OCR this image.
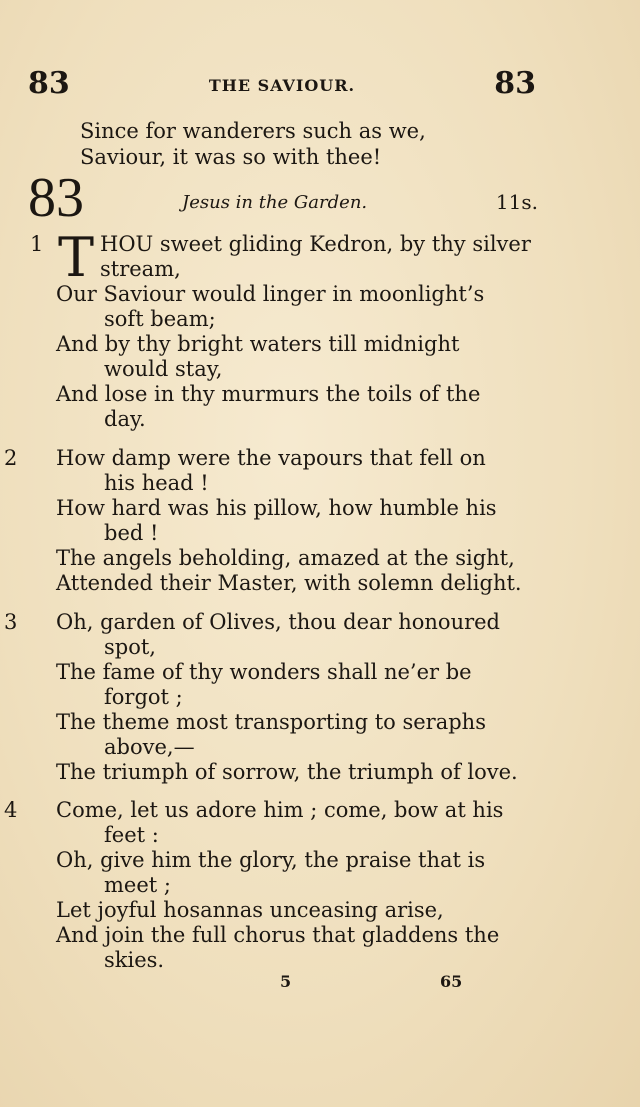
83	THE SAVIOUR.	83
Since for wanderers such as we,
Saviour, it was so with thee!
83	Jesus in the Garden.	11s.
1 T HOU sweet gliding Kedron, by thy silver
stream,
Our Saviour would linger in moonlight’s
soft beam;
And by thy bright waters till midnight
would stay,
And lose in thy murmurs the toils of the
day.
2 How damp were the vapours that fell on
his head !
How hard was his pillow, how humble his
bed !
The angels beholding, amazed at the sight,
Attended their Master, with solemn delight.
3 Oh, garden of Olives, thou dear honoured
spot,
The fame of thy wonders shall ne’er be
forgot ;
The theme most transporting to seraphs
above,—
The triumph of sorrow, the triumph of love.
4 Come, let us adore him ; come, bow at his
feet :
Oh, give him the glory, the praise that is
meet ;
Let joyful hosannas unceasing arise,
And join the full chorus that gladdens the
skies.
5	65
